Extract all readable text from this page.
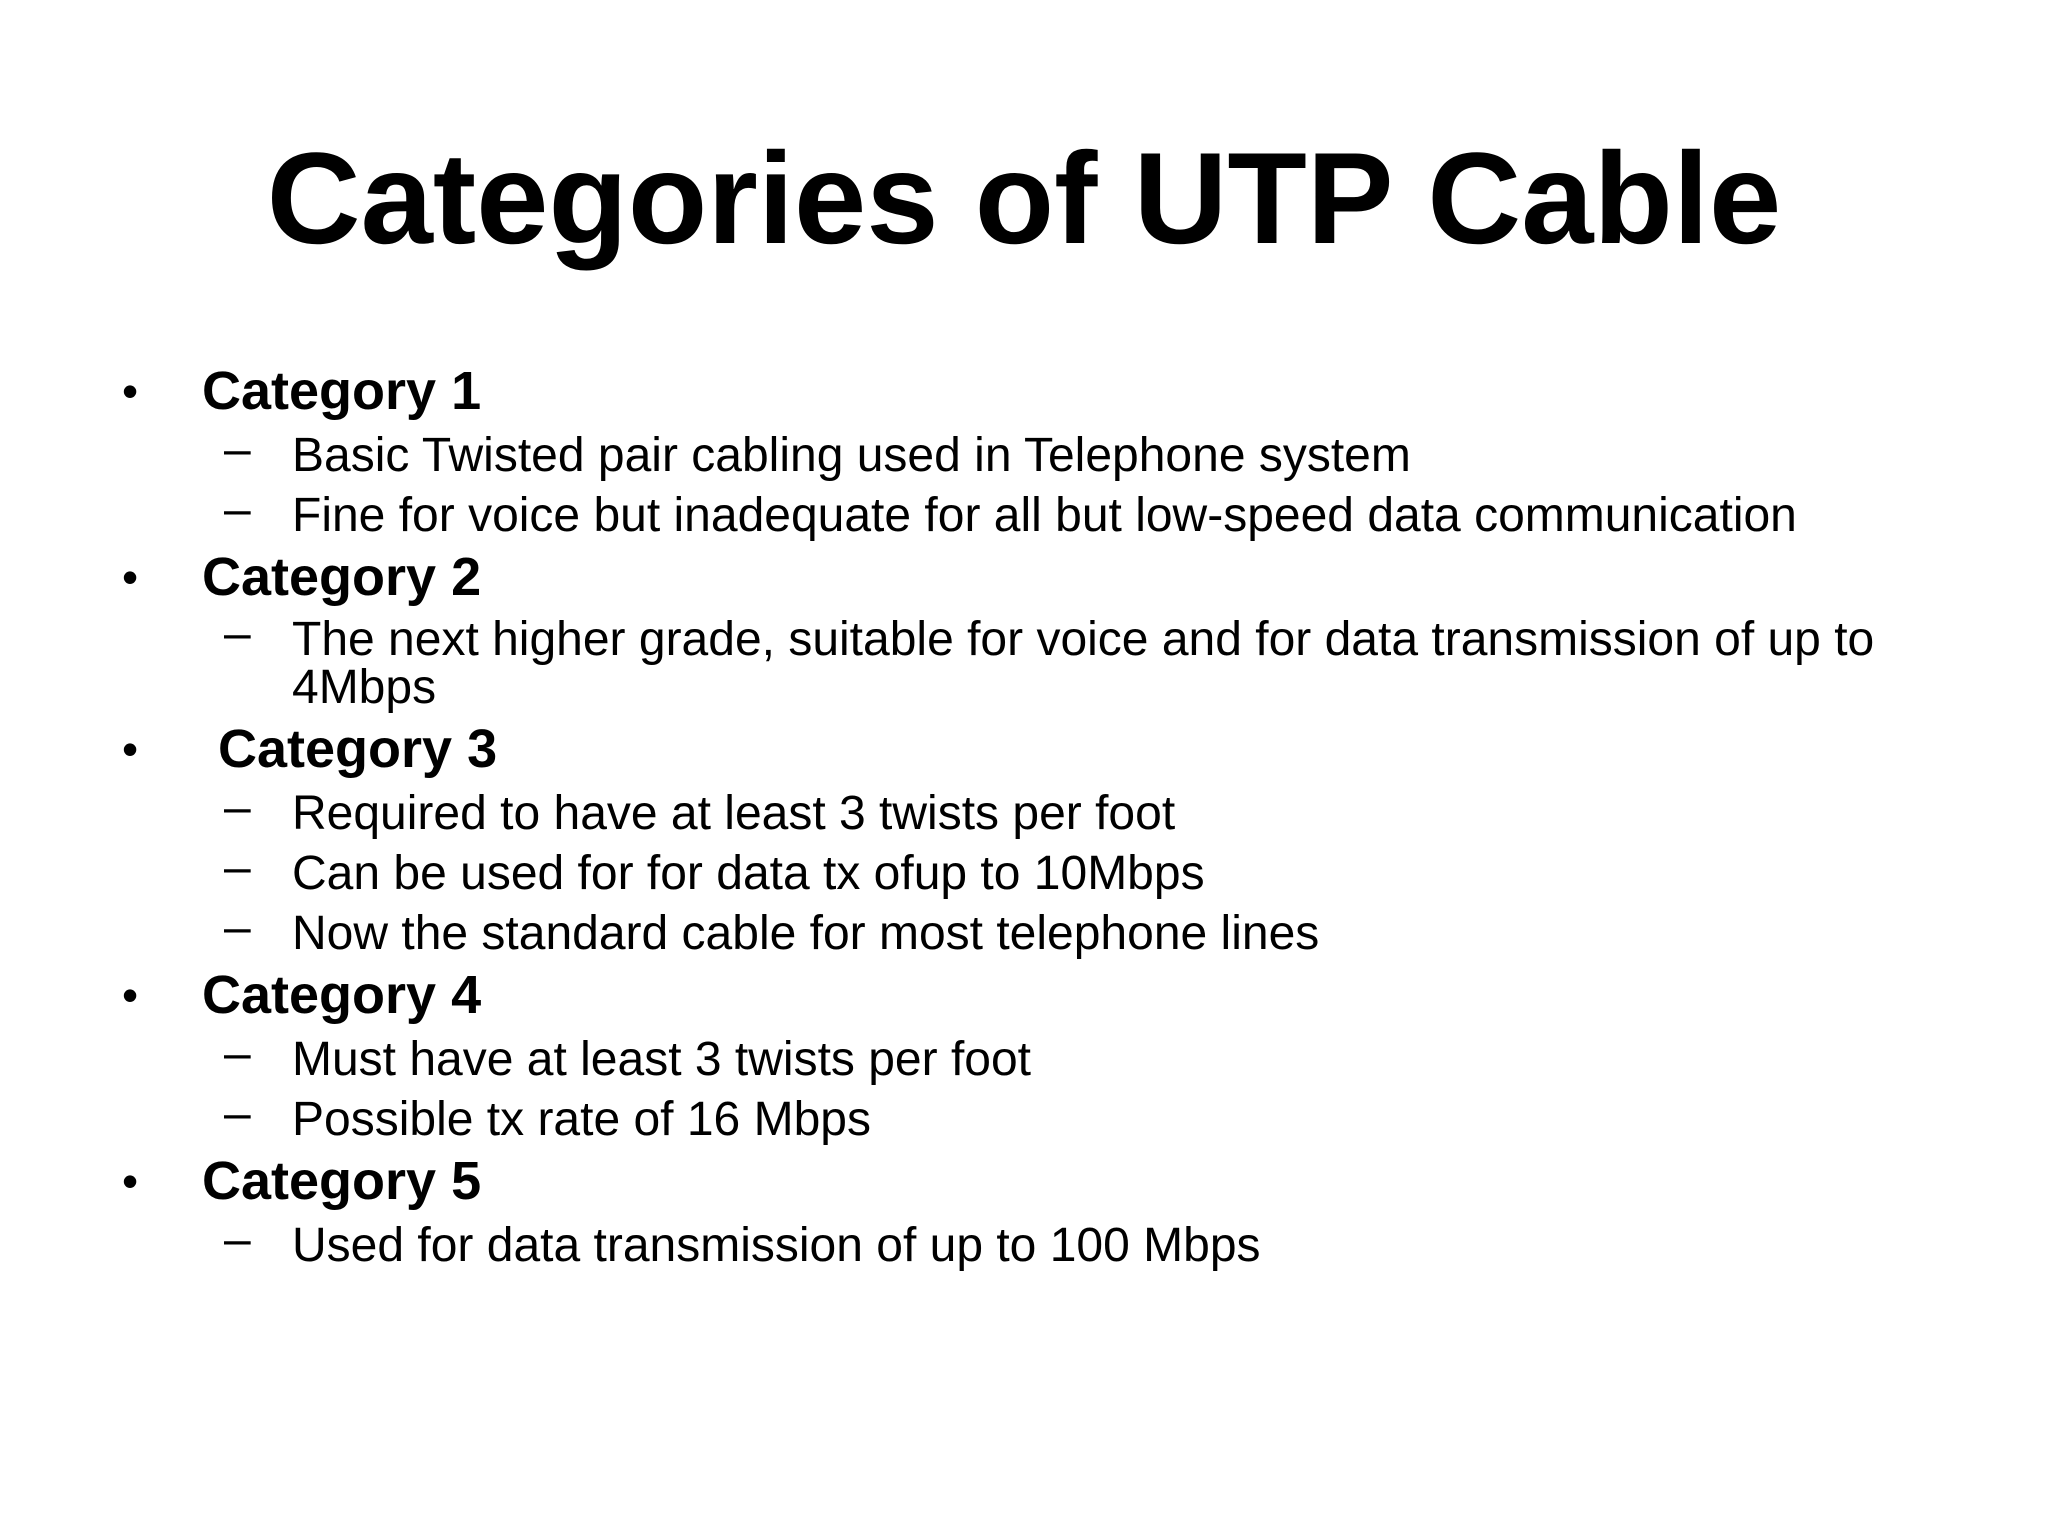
Categories of UTP Cable
• Category 1
– Basic Twisted pair cabling used in Telephone system
– Fine for voice but inadequate for all but low-speed data communication
• Category 2
– The next higher grade, suitable for voice and for data transmission of up to 4Mbps
• Category 3
– Required to have at least 3 twists per foot
– Can be used for for data tx ofup to 10Mbps
– Now the standard cable for most telephone lines
• Category 4
– Must have at least 3 twists per foot
– Possible tx rate of 16 Mbps
• Category 5
– Used for data transmission of up to 100 Mbps
